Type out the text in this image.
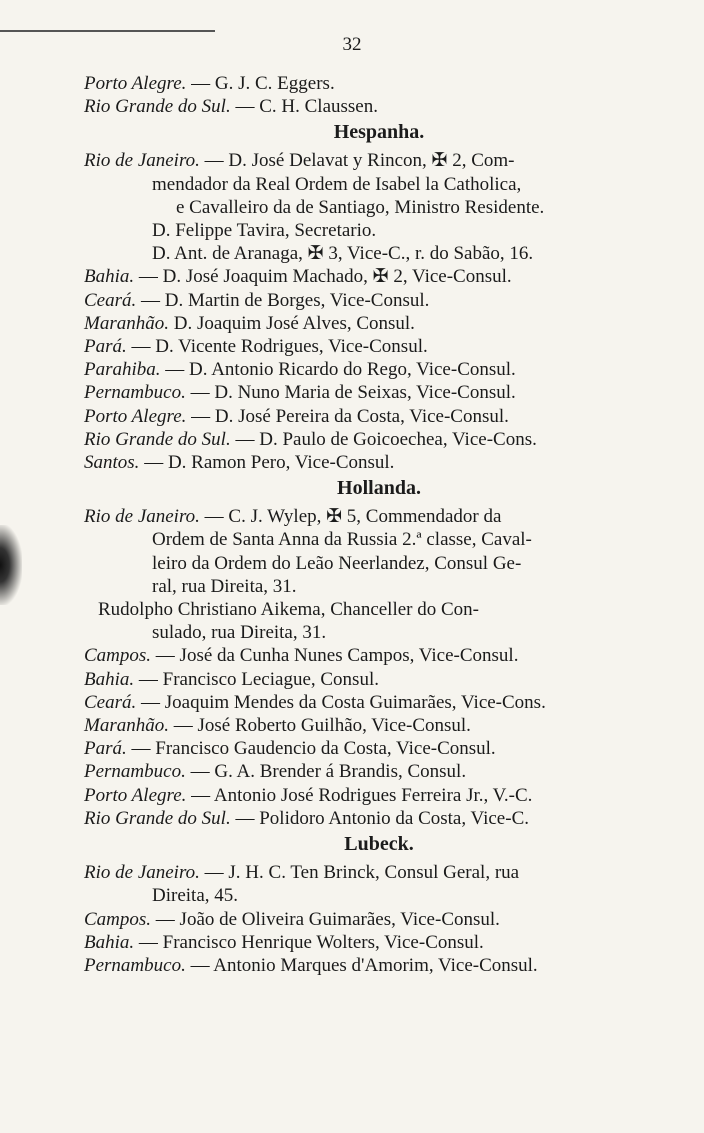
32
Porto Alegre. — G. J. C. Eggers.
Rio Grande do Sul. — C. H. Claussen.
Hespanha.
Rio de Janeiro. — D. José Delavat y Rincon, ✠ 2, Com-
mendador da Real Ordem de Isabel la Catholica,
e Cavalleiro da de Santiago, Ministro Residente.
D. Felippe Tavira, Secretario.
D. Ant. de Aranaga, ✠ 3, Vice-C., r. do Sabão, 16.
Bahia. — D. José Joaquim Machado, ✠ 2, Vice-Consul.
Ceará. — D. Martin de Borges, Vice-Consul.
Maranhão. D. Joaquim José Alves, Consul.
Pará. — D. Vicente Rodrigues, Vice-Consul.
Parahiba. — D. Antonio Ricardo do Rego, Vice-Consul.
Pernambuco. — D. Nuno Maria de Seixas, Vice-Consul.
Porto Alegre. — D. José Pereira da Costa, Vice-Consul.
Rio Grande do Sul. — D. Paulo de Goicoechea, Vice-Cons.
Santos. — D. Ramon Pero, Vice-Consul.
Hollanda.
Rio de Janeiro. — C. J. Wylep, ✠ 5, Commendador da
Ordem de Santa Anna da Russia 2.ª classe, Caval-
leiro da Ordem do Leão Neerlandez, Consul Ge-
ral, rua Direita, 31.
Rudolpho Christiano Aikema, Chanceller do Con-
sulado, rua Direita, 31.
Campos. — José da Cunha Nunes Campos, Vice-Consul.
Bahia. — Francisco Leciague, Consul.
Ceará. — Joaquim Mendes da Costa Guimarães, Vice-Cons.
Maranhão. — José Roberto Guilhão, Vice-Consul.
Pará. — Francisco Gaudencio da Costa, Vice-Consul.
Pernambuco. — G. A. Brender á Brandis, Consul.
Porto Alegre. — Antonio José Rodrigues Ferreira Jr., V.-C.
Rio Grande do Sul. — Polidoro Antonio da Costa, Vice-C.
Lubeck.
Rio de Janeiro. — J. H. C. Ten Brinck, Consul Geral, rua
Direita, 45.
Campos. — João de Oliveira Guimarães, Vice-Consul.
Bahia. — Francisco Henrique Wolters, Vice-Consul.
Pernambuco. — Antonio Marques d'Amorim, Vice-Consul.
